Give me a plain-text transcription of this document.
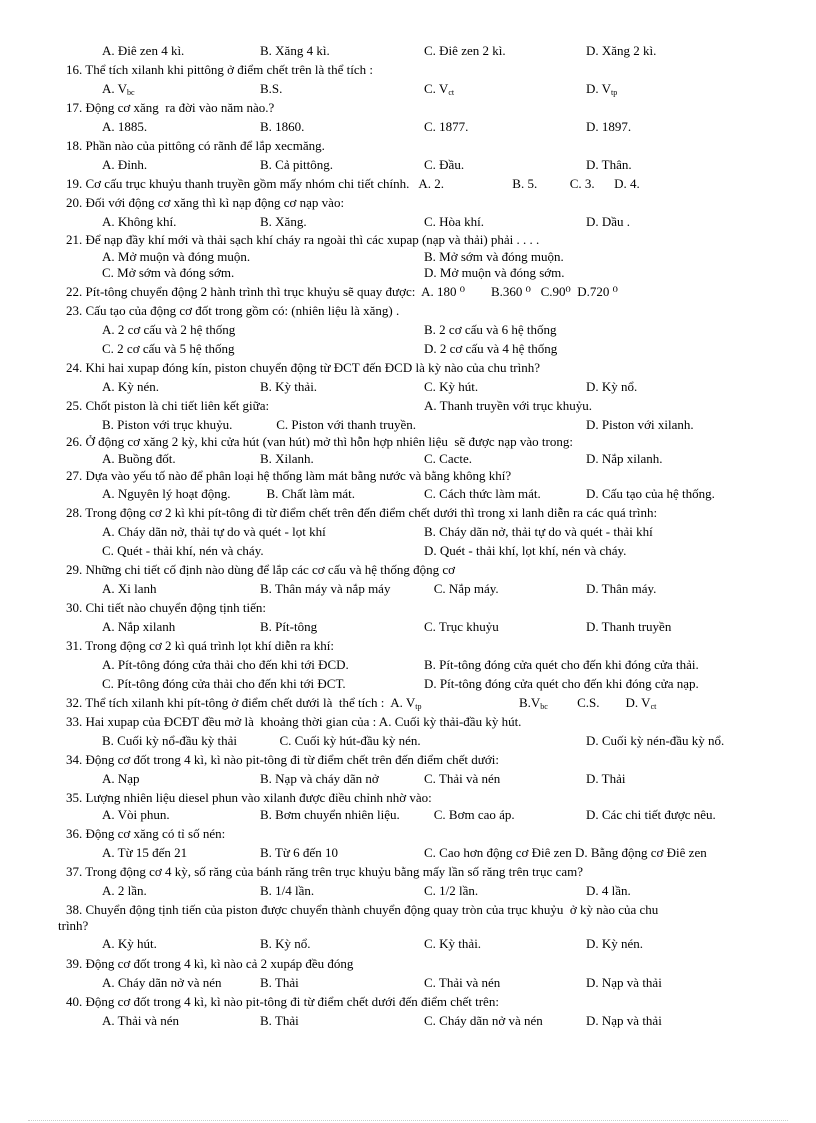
A. Điê zen 4 kì.	B. Xăng 4 kì.	C. Điê zen 2 kì.	D. Xăng 2 kì.
16. Thể tích xilanh khi pittông ở điểm chết trên là thể tích :
A. $V_{bc}$	B.S.	C. $V_{ct}$	D. $V_{tp}$
17. Động cơ xăng  ra đời vào năm nào.?
A. 1885.	B. 1860.	C. 1877.	D. 1897.
18. Phần nào của pittông có rãnh để lắp xecmăng.
A. Đỉnh.	B. Cả pittông.	C. Đầu.	D. Thân.
19. Cơ cấu trục khuỷu thanh truyền gồm mấy nhóm chi tiết chính.   A. 2.                     B. 5.          C. 3.      D. 4.
20. Đối với động cơ xăng thì kì nạp động cơ nạp vào:
A. Không khí.	B. Xăng.	C. Hòa khí.	D. Dầu .
21. Để nạp đầy khí mới và thải sạch khí cháy ra ngoài thì các xupap (nạp và thải) phải . . . .
A. Mở muộn và đóng muộn.	B. Mở sớm và đóng muộn.
C. Mở sớm và đóng sớm.	D. Mở muộn và đóng sớm.
22. Pít-tông chuyển động 2 hành trình thì trục khuỷu sẽ quay được:  A. 180 ⁰        B.360 ⁰   C.90⁰  D.720 ⁰
23. Cấu tạo của động cơ đốt trong gồm có: (nhiên liệu là xăng) .
A. 2 cơ cấu và 2 hệ thống	B. 2 cơ cấu và 6 hệ thống
C. 2 cơ cấu và 5 hệ thống	D. 2 cơ cấu và 4 hệ thống
24. Khi hai xupap đóng kín, piston chuyển động từ ĐCT đến ĐCD là kỳ nào của chu trình?
A. Kỳ nén.	B. Kỳ thải.	C. Kỳ hút.	D. Kỳ nổ.
25. Chốt piston là chi tiết liên kết giữa:	A. Thanh truyền với trục khuỷu.
B. Piston với trục khuỷu. C. Piston với thanh truyền.	D. Piston với xilanh.
26. Ở động cơ xăng 2 kỳ, khi cửa hút (van hút) mở thì hỗn hợp nhiên liệu  sẽ được nạp vào trong:
A. Buồng đốt.	B. Xilanh.	C. Cacte.	D. Nắp xilanh.
27. Dựa vào yếu tố nào để phân loại hệ thống làm mát bằng nước và bằng không khí?
A. Nguyên lý hoạt động. B. Chất làm mát.	C. Cách thức làm mát.	D. Cấu tạo của hệ thống.
28. Trong động cơ 2 kì khi pít-tông đi từ điểm chết trên đến điểm chết dưới thì trong xi lanh diễn ra các quá trình:
A. Cháy dãn nở, thải tự do và quét - lọt khí	B. Cháy dãn nở, thải tự do và quét - thải khí
C. Quét - thải khí, nén và cháy.	D. Quét - thải khí, lọt khí, nén và cháy.
29. Những chi tiết cố định nào dùng để lắp các cơ cấu và hệ thống động cơ
A. Xi lanh	B. Thân máy và nắp máy	C. Nắp máy.	D. Thân máy.
30. Chi tiết nào chuyển động tịnh tiến:
A. Nắp xilanh	B. Pít-tông	C. Trục khuỷu	D. Thanh truyền
31. Trong động cơ 2 kì quá trình lọt khí diễn ra khí:
A. Pít-tông đóng cửa thải cho đến khi tới ĐCD.	B. Pít-tông đóng cửa quét cho đến khi đóng cửa thải.
C. Pít-tông đóng cửa thải cho đến khi tới ĐCT.	D. Pít-tông đóng cửa quét cho đến khi đóng cửa nạp.
32. Thể tích xilanh khi pít-tông ở điểm chết dưới là  thể tích :  A. $V_{tp}$                              $B.V_{bc}$         C.S.        D. $V_{ct}$
33. Hai xupap của ĐCĐT đều mở là  khoảng thời gian của : A. Cuối kỳ thải-đầu kỳ hút.
B. Cuối kỳ nổ-đầu kỳ thải C. Cuối kỳ hút-đầu kỳ nén.	D. Cuối kỳ nén-đầu kỳ nổ.
34. Động cơ đốt trong 4 kì, kì nào pit-tông đi từ điểm chết trên đến điểm chết dưới:
A. Nạp	B. Nạp và cháy dãn nở	C. Thải và nén	D. Thải
35. Lượng nhiên liệu diesel phun vào xilanh được điều chỉnh nhờ vào:
A. Vòi phun.	B. Bơm chuyển nhiên liệu. C. Bơm cao áp.	D. Các chi tiết được nêu.
36. Động cơ xăng có tỉ số nén:
A. Từ 15 đến 21	B. Từ 6 đến 10	C. Cao hơn động cơ Điê zen D. Bằng động cơ Điê zen
37. Trong động cơ 4 kỳ, số răng của bánh răng trên trục khuỷu bằng mấy lần số răng trên trục cam?
A. 2 lần.	B. 1/4 lần.	C. 1/2 lần.	D. 4 lần.
38. Chuyển động tịnh tiến của piston được chuyển thành chuyển động quay tròn của trục khuỷu  ở kỳ nào của chu
trình?
A. Kỳ hút.	B. Kỳ nổ.	C. Kỳ thải.	D. Kỳ nén.
39. Động cơ đốt trong 4 kì, kì nào cả 2 xupáp đều đóng
A. Cháy dãn nở và nén	B. Thải	C. Thải và nén	D. Nạp và thải
40. Động cơ đốt trong 4 kì, kì nào pit-tông đi từ điểm chết dưới đến điểm chết trên:
A. Thải và nén	B. Thải	C. Cháy dãn nở và nén	D. Nạp và thải
